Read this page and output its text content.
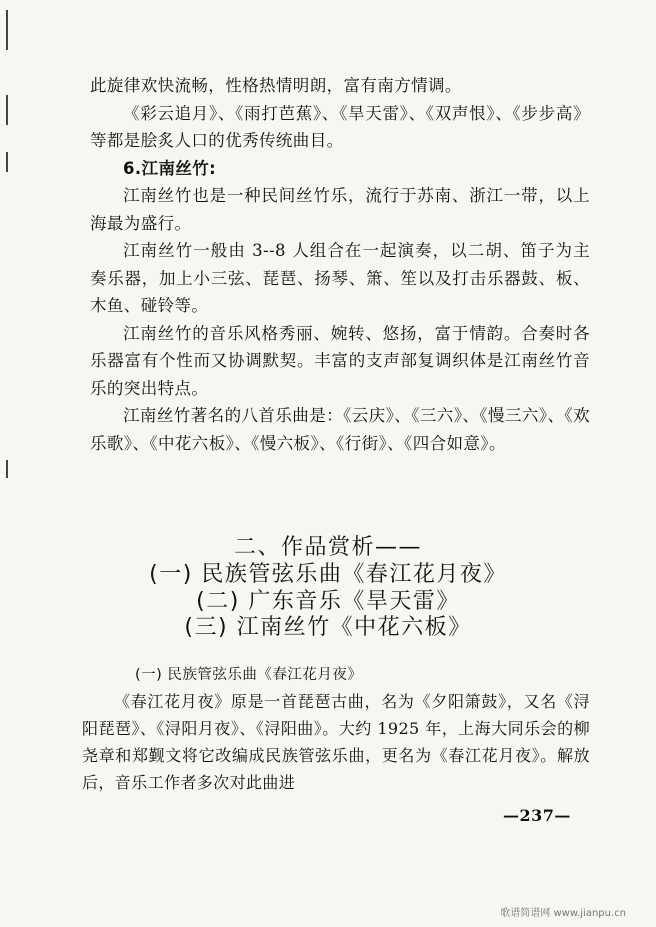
此旋律欢快流畅，性格热情明朗，富有南方情调。

《彩云追月》、《雨打芭蕉》、《旱天雷》、《双声恨》、《步步高》等都是脍炙人口的优秀传统曲目。

6.江南丝竹:

江南丝竹也是一种民间丝竹乐，流行于苏南、浙江一带，以上海最为盛行。

江南丝竹一般由 3--8 人组合在一起演奏，以二胡、笛子为主奏乐器，加上小三弦、琵琶、扬琴、箫、笙以及打击乐器鼓、板、木鱼、碰铃等。

江南丝竹的音乐风格秀丽、婉转、悠扬，富于情韵。合奏时各乐器富有个性而又协调默契。丰富的支声部复调织体是江南丝竹音乐的突出特点。

江南丝竹著名的八首乐曲是：《云庆》、《三六》、《慢三六》、《欢乐歌》、《中花六板》、《慢六板》、《行街》、《四合如意》。

二、作品赏析——
(一) 民族管弦乐曲《春江花月夜》
(二) 广东音乐《旱天雷》
(三) 江南丝竹《中花六板》
(一) 民族管弦乐曲《春江花月夜》

《春江花月夜》原是一首琵琶古曲，名为《夕阳箫鼓》，又名《浔阳琵琶》、《浔阳月夜》、《浔阳曲》。大约 1925 年，上海大同乐会的柳尧章和郑觐文将它改编成民族管弦乐曲，更名为《春江花月夜》。解放后，音乐工作者多次对此曲进

—237—
歌谱简谱网 www.jianpu.cn
